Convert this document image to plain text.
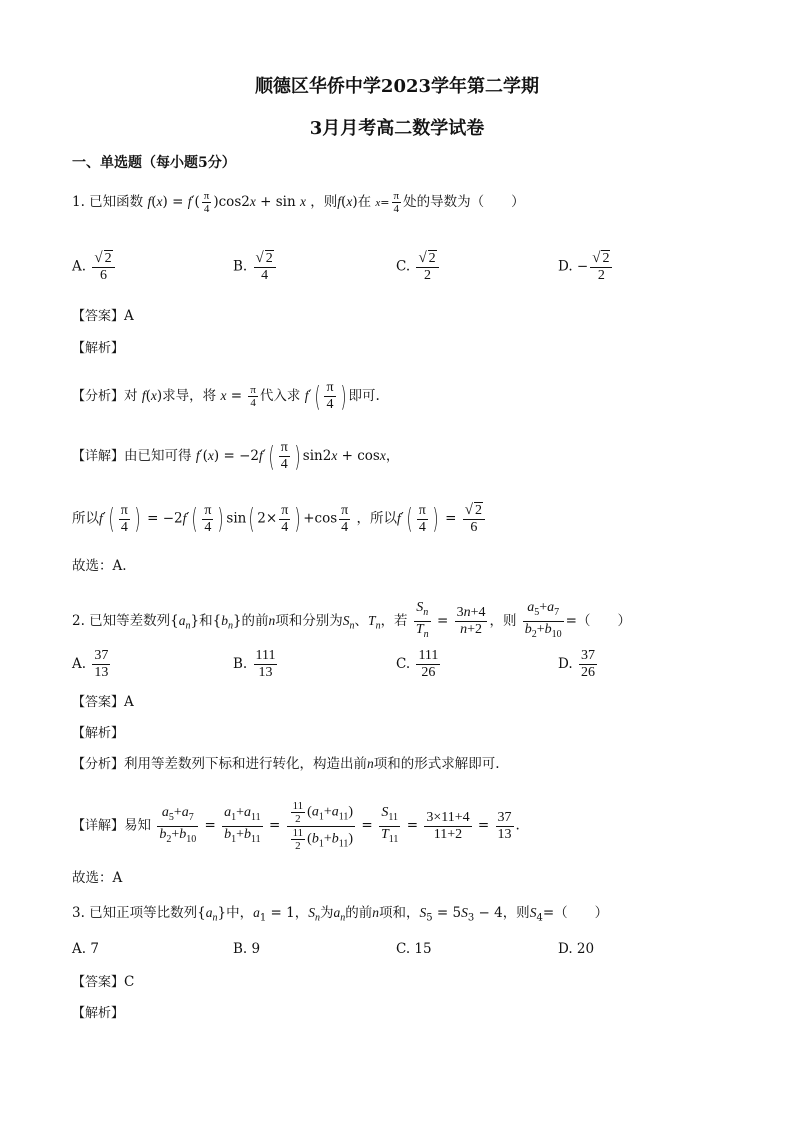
顺德区华侨中学2023学年第二学期
3月月考高二数学试卷
一、单选题（每小题5分）
1. 已知函数 $f(x) = f'( \frac{\pi}{4} )\cos 2x + \sin x$ ，则f(x)在 $x= \frac{\pi}{4}$ 处的导数为（　　）
A. $\frac{√ 2}{6}$	B. $\frac{√ 2}{4}$	C. $\frac{√ 2}{2}$	D. − $\frac{√ 2}{2}$
【答案】A
【解析】
【分析】对 f(x)求导，将 $x = \frac{\pi}{4}$ 代入求 $f'( \frac{\pi}{4}$ ) 即可.
【详解】由已知可得 $f'(x) = -2f'( \frac{\pi}{4}$ ) sin2x + cosx，
所以$f'( \frac{\pi}{4}$ ) = $-2f'( \frac{\pi}{4}$ ) sin( $2\times \frac{\pi}{4}$ ) $+\cos \frac{\pi}{4}$ ，所以$f'( \frac{\pi}{4}$ ) = $\frac{√ 2}{6}$
故选：A.
2. 已知等差数列$\{a_n\}$和$\{b_n\}$的前n项和分别为$S_n$、$T_n$，若 $\frac{S_n}{T_n} = \frac{3n+4}{n+2}$ ，则 $\frac{a_5+a_7}{b_2+b_{10}}$ =（　　）
A. $\frac{37}{13}$	B. $\frac{111}{13}$	C. $\frac{111}{26}$	D. $\frac{37}{26}$
【答案】A
【解析】
【分析】利用等差数列下标和进行转化，构造出前n项和的形式求解即可.
【详解】易知 $\frac{a_5+a_7}{b_2+b_{10}} = \frac{a_1+a_{11}}{b_1+b_{11}} = \frac{\frac{11}{2} (a_1+a_{11})}{\frac{11}{2} (b_1+b_{11})} = \frac{S_{11}}{T_{11}} = \frac{3\times 11+4}{11+2} = \frac{37}{13}$ .
故选：A
3. 已知正项等比数列$\{a_n\}$中，$a_1 = 1$，$S_n$为$a_n$的前n项和，$S_5 = 5S_3 - 4$，则$S_4=$（　　）
A. 7	B. 9	C. 15	D. 20
【答案】C
【解析】
